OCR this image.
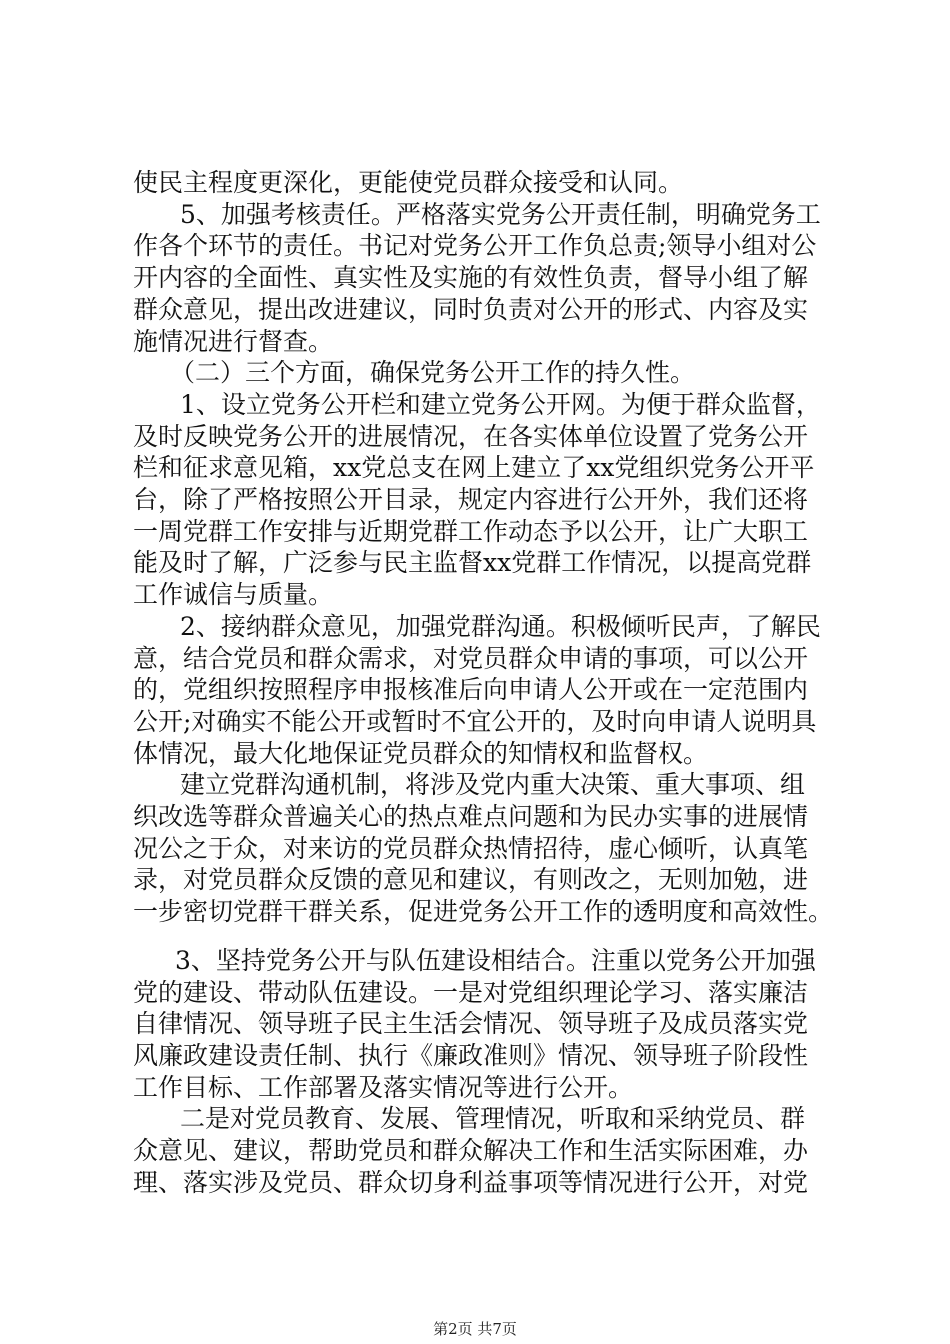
使民主程度更深化，更能使党员群众接受和认同。
5、加强考核责任。严格落实党务公开责任制，明确党务工
作各个环节的责任。书记对党务公开工作负总责;领导小组对公
开内容的全面性、真实性及实施的有效性负责，督导小组了解
群众意见，提出改进建议，同时负责对公开的形式、内容及实
施情况进行督查。
（二）三个方面，确保党务公开工作的持久性。
1、设立党务公开栏和建立党务公开网。为便于群众监督，
及时反映党务公开的进展情况，在各实体单位设置了党务公开
栏和征求意见箱，xx党总支在网上建立了xx党组织党务公开平
台，除了严格按照公开目录，规定内容进行公开外，我们还将
一周党群工作安排与近期党群工作动态予以公开，让广大职工
能及时了解，广泛参与民主监督xx党群工作情况，以提高党群
工作诚信与质量。
2、接纳群众意见，加强党群沟通。积极倾听民声，了解民
意，结合党员和群众需求，对党员群众申请的事项，可以公开
的，党组织按照程序申报核准后向申请人公开或在一定范围内
公开;对确实不能公开或暂时不宜公开的，及时向申请人说明具
体情况，最大化地保证党员群众的知情权和监督权。
建立党群沟通机制，将涉及党内重大决策、重大事项、组
织改选等群众普遍关心的热点难点问题和为民办实事的进展情
况公之于众，对来访的党员群众热情招待，虚心倾听，认真笔
录，对党员群众反馈的意见和建议，有则改之，无则加勉，进
一步密切党群干群关系，促进党务公开工作的透明度和高效性。
3、坚持党务公开与队伍建设相结合。注重以党务公开加强
党的建设、带动队伍建设。一是对党组织理论学习、落实廉洁
自律情况、领导班子民主生活会情况、领导班子及成员落实党
风廉政建设责任制、执行《廉政准则》情况、领导班子阶段性
工作目标、工作部署及落实情况等进行公开。
二是对党员教育、发展、管理情况，听取和采纳党员、群
众意见、建议，帮助党员和群众解决工作和生活实际困难，办
理、落实涉及党员、群众切身利益事项等情况进行公开，对党
第2页 共7页
